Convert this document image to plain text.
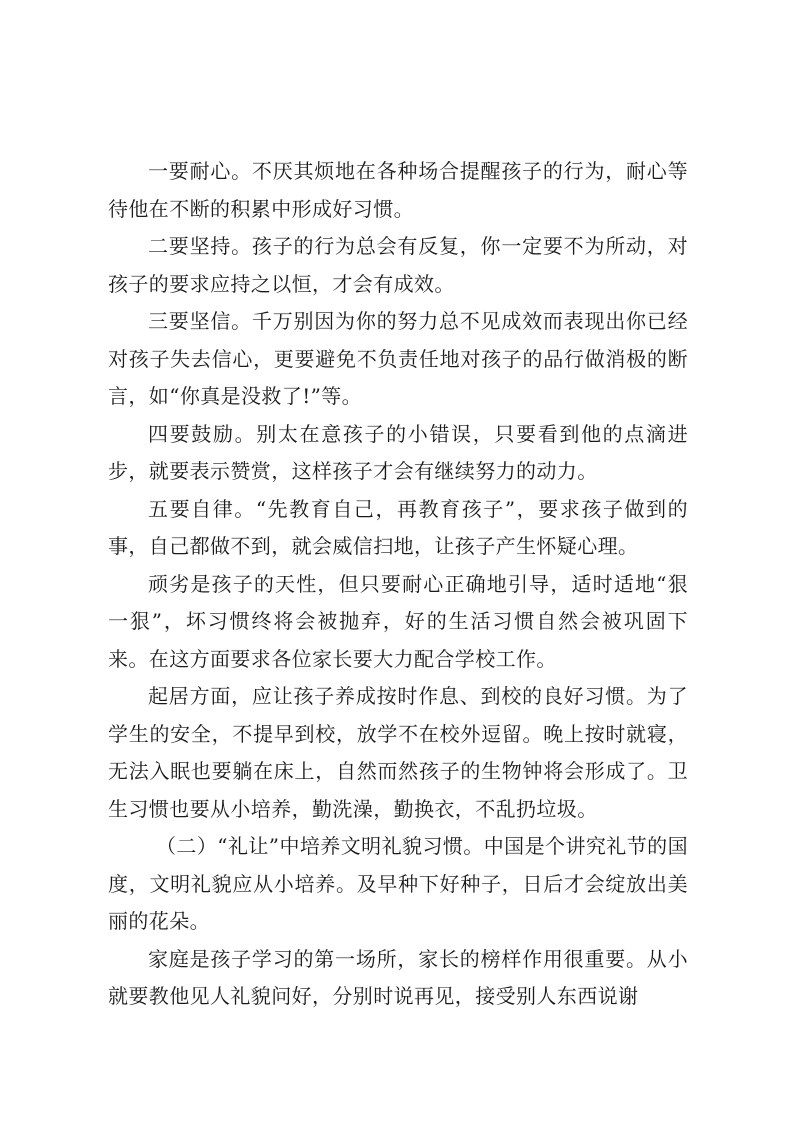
一要耐心。不厌其烦地在各种场合提醒孩子的行为，耐心等待他在不断的积累中形成好习惯。

二要坚持。孩子的行为总会有反复，你一定要不为所动，对孩子的要求应持之以恒，才会有成效。

三要坚信。千万别因为你的努力总不见成效而表现出你已经对孩子失去信心，更要避免不负责任地对孩子的品行做消极的断言，如“你真是没救了!”等。

四要鼓励。别太在意孩子的小错误，只要看到他的点滴进步，就要表示赞赏，这样孩子才会有继续努力的动力。

五要自律。“先教育自己，再教育孩子”，要求孩子做到的事，自己都做不到，就会威信扫地，让孩子产生怀疑心理。

顽劣是孩子的天性，但只要耐心正确地引导，适时适地“狠一狠”，坏习惯终将会被抛弃，好的生活习惯自然会被巩固下来。在这方面要求各位家长要大力配合学校工作。

起居方面，应让孩子养成按时作息、到校的良好习惯。为了学生的安全，不提早到校，放学不在校外逗留。晚上按时就寝，无法入眠也要躺在床上，自然而然孩子的生物钟将会形成了。卫生习惯也要从小培养，勤洗澡，勤换衣，不乱扔垃圾。

（二）“礼让”中培养文明礼貌习惯。中国是个讲究礼节的国度，文明礼貌应从小培养。及早种下好种子，日后才会绽放出美丽的花朵。

家庭是孩子学习的第一场所，家长的榜样作用很重要。从小就要教他见人礼貌问好，分别时说再见，接受别人东西说谢
